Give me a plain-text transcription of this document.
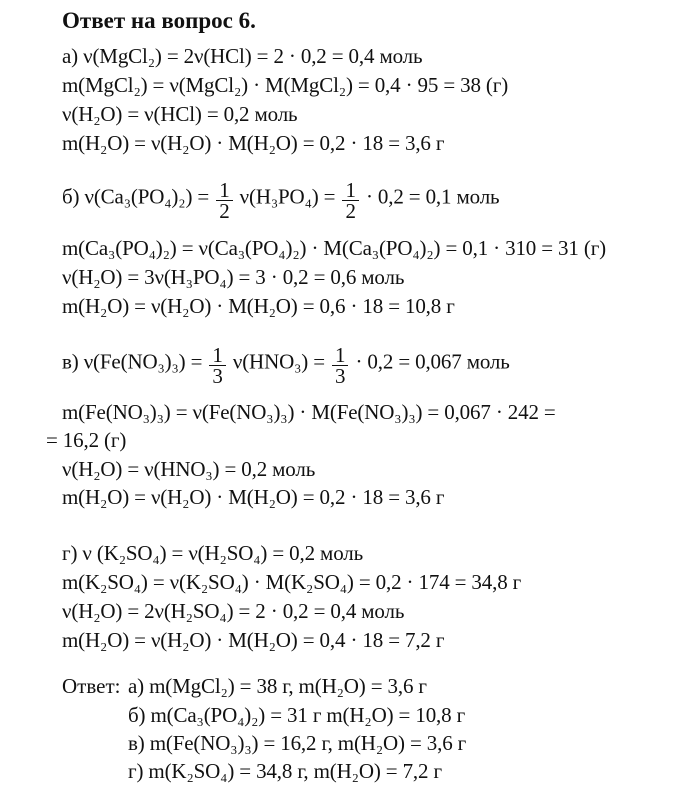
Ответ на вопрос 6.
а) ν(MgCl₂) = 2ν(HCl) = 2 · 0,2 = 0,4 моль
m(MgCl₂) = ν(MgCl₂) · M(MgCl₂) = 0,4 · 95 = 38 (г)
ν(H₂O) = ν(HCl) = 0,2 моль
m(H₂O) = ν(H₂O) · M(H₂O) = 0,2 · 18 = 3,6 г
б) $\nu(Ca_3(PO_4)_2) = \frac{1}{2} \nu(H_3PO_4) = \frac{1}{2} \cdot 0,2 = 0,1$ моль
m(Ca₃(PO₄)₂) = ν(Ca₃(PO₄)₂) · M(Ca₃(PO₄)₂) = 0,1 · 310 = 31 (г)
ν(H₂O) = 3ν(H₃PO₄) = 3 · 0,2 = 0,6 моль
m(H₂O) = ν(H₂O) · M(H₂O) = 0,6 · 18 = 10,8 г
в) $\nu(Fe(NO_3)_3) = \frac{1}{3} \nu(HNO_3) = \frac{1}{3} \cdot 0,2 = 0,067$ моль
m(Fe(NO₃)₃) = ν(Fe(NO₃)₃) · M(Fe(NO₃)₃) = 0,067 · 242 =
= 16,2 (г)
ν(H₂O) = ν(HNO₃) = 0,2 моль
m(H₂O) = ν(H₂O) · M(H₂O) = 0,2 · 18 = 3,6 г
г) ν (K₂SO₄) = ν(H₂SO₄) = 0,2 моль
m(K₂SO₄) = ν(K₂SO₄) · M(K₂SO₄) = 0,2 · 174 = 34,8 г
ν(H₂O) = 2ν(H₂SO₄) = 2 · 0,2 = 0,4 моль
m(H₂O) = ν(H₂O) · M(H₂O) = 0,4 · 18 = 7,2 г
Ответ: а) m(MgCl₂) = 38 г, m(H₂O) = 3,6 г
б) m(Ca₃(PO₄)₂) = 31 г m(H₂O) = 10,8 г
в) m(Fe(NO₃)₃) = 16,2 г, m(H₂O) = 3,6 г
г) m(K₂SO₄) = 34,8 г, m(H₂O) = 7,2 г
